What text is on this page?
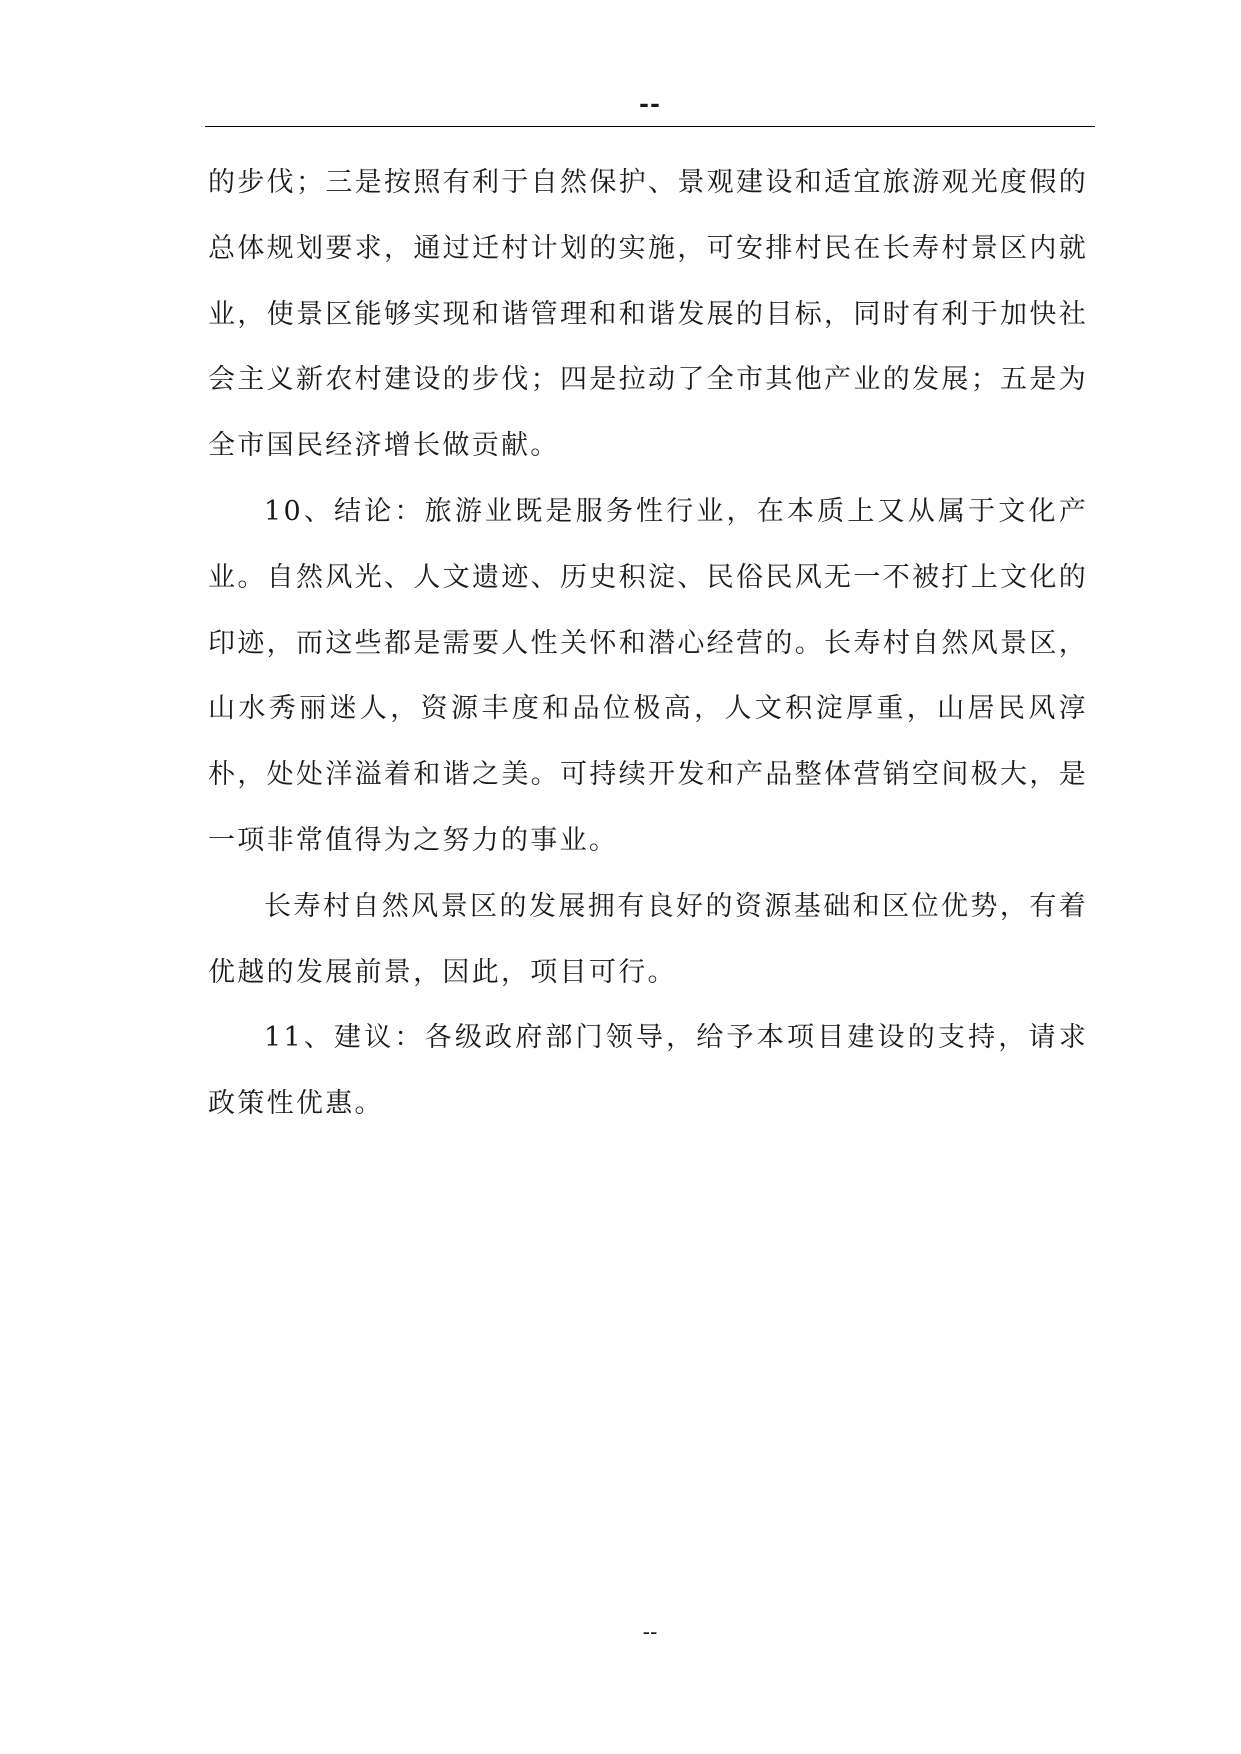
--

的步伐；三是按照有利于自然保护、景观建设和适宜旅游观光度假的总体规划要求，通过迁村计划的实施，可安排村民在长寿村景区内就业，使景区能够实现和谐管理和和谐发展的目标，同时有利于加快社会主义新农村建设的步伐；四是拉动了全市其他产业的发展；五是为全市国民经济增长做贡献。

10、结论：旅游业既是服务性行业，在本质上又从属于文化产业。自然风光、人文遗迹、历史积淀、民俗民风无一不被打上文化的印迹，而这些都是需要人性关怀和潜心经营的。长寿村自然风景区，山水秀丽迷人，资源丰度和品位极高，人文积淀厚重，山居民风淳朴，处处洋溢着和谐之美。可持续开发和产品整体营销空间极大，是一项非常值得为之努力的事业。

长寿村自然风景区的发展拥有良好的资源基础和区位优势，有着优越的发展前景，因此，项目可行。

11、建议：各级政府部门领导，给予本项目建设的支持，请求政策性优惠。

--
